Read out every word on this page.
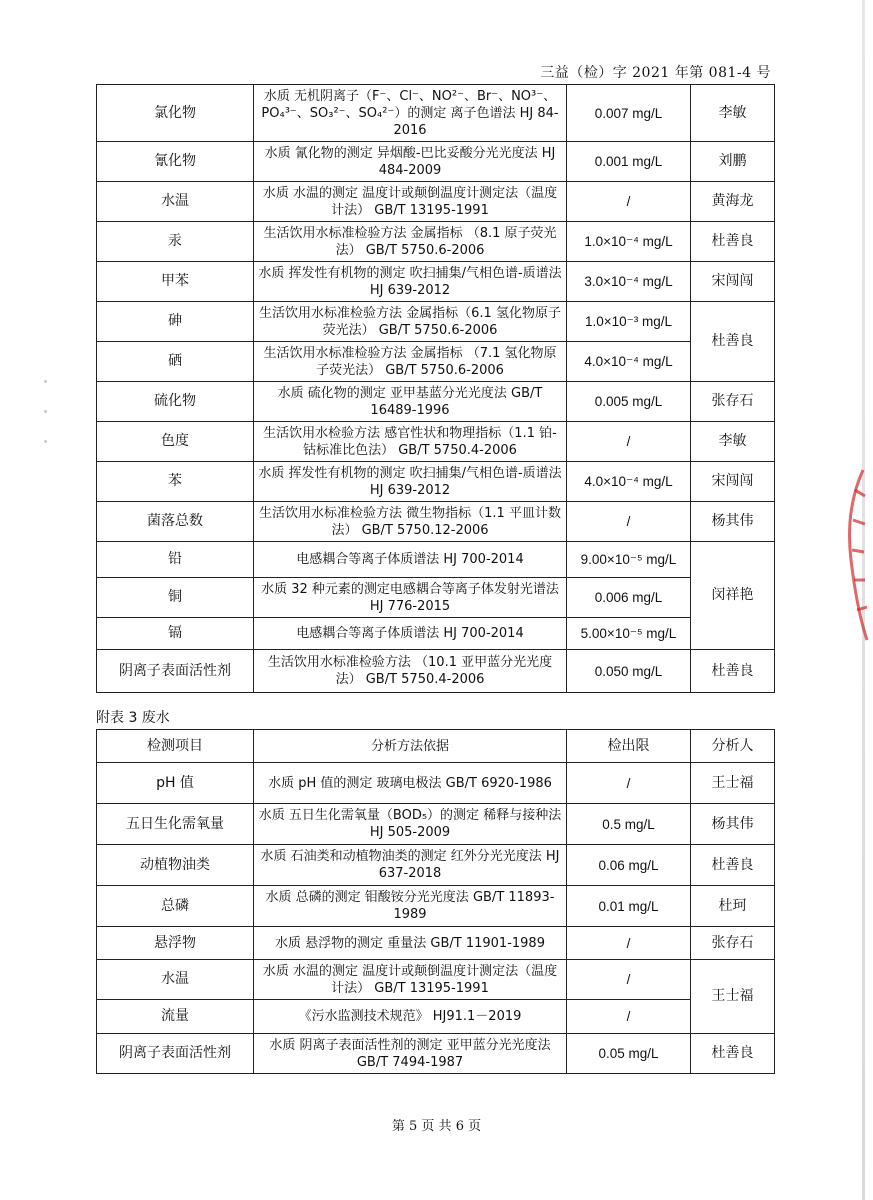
三益（检）字 2021 年第 081-4 号
氯化物	水质 无机阴离子（F⁻、Cl⁻、NO²⁻、Br⁻、NO³⁻、PO₄³⁻、SO₃²⁻、SO₄²⁻）的测定 离子色谱法 HJ 84-2016	0.007 mg/L	李敏
氰化物	水质 氰化物的测定 异烟酸-巴比妥酸分光光度法 HJ 484-2009	0.001 mg/L	刘鹏
水温	水质 水温的测定 温度计或颠倒温度计测定法（温度计法） GB/T 13195-1991	/	黄海龙
汞	生活饮用水标准检验方法 金属指标 （8.1 原子荧光法） GB/T 5750.6-2006	1.0×10⁻⁴ mg/L	杜善良
甲苯	水质 挥发性有机物的测定 吹扫捕集/气相色谱-质谱法 HJ 639-2012	3.0×10⁻⁴ mg/L	宋闯闯
砷	生活饮用水标准检验方法 金属指标（6.1 氢化物原子荧光法） GB/T 5750.6-2006	1.0×10⁻³ mg/L	杜善良
硒	生活饮用水标准检验方法 金属指标 （7.1 氢化物原子荧光法） GB/T 5750.6-2006	4.0×10⁻⁴ mg/L	
硫化物	水质 硫化物的测定 亚甲基蓝分光光度法 GB/T 16489-1996	0.005 mg/L	张存石
色度	生活饮用水检验方法 感官性状和物理指标（1.1 铂-钴标准比色法） GB/T 5750.4-2006	/	李敏
苯	水质 挥发性有机物的测定 吹扫捕集/气相色谱-质谱法 HJ 639-2012	4.0×10⁻⁴ mg/L	宋闯闯
菌落总数	生活饮用水标准检验方法 微生物指标（1.1 平皿计数法） GB/T 5750.12-2006	/	杨其伟
铅	电感耦合等离子体质谱法 HJ 700-2014	9.00×10⁻⁵ mg/L	闵祥艳
铜	水质 32 种元素的测定电感耦合等离子体发射光谱法 HJ 776-2015	0.006 mg/L	
镉	电感耦合等离子体质谱法 HJ 700-2014	5.00×10⁻⁵ mg/L	
阴离子表面活性剂	生活饮用水标准检验方法 （10.1 亚甲蓝分光光度法） GB/T 5750.4-2006	0.050 mg/L	杜善良
附表 3 废水
检测项目	分析方法依据	检出限	分析人
pH 值	水质 pH 值的测定 玻璃电极法 GB/T 6920-1986	/	王士福
五日生化需氧量	水质 五日生化需氧量（BOD₅）的测定 稀释与接种法 HJ 505-2009	0.5 mg/L	杨其伟
动植物油类	水质 石油类和动植物油类的测定 红外分光光度法 HJ 637-2018	0.06 mg/L	杜善良
总磷	水质 总磷的测定 钼酸铵分光光度法 GB/T 11893-1989	0.01 mg/L	杜珂
悬浮物	水质 悬浮物的测定 重量法 GB/T 11901-1989	/	张存石
水温	水质 水温的测定 温度计或颠倒温度计测定法（温度计法） GB/T 13195-1991	/	王士福
流量	《污水监测技术规范》 HJ91.1－2019	/	
阴离子表面活性剂	水质 阴离子表面活性剂的测定 亚甲蓝分光光度法 GB/T 7494-1987	0.05 mg/L	杜善良
第 5 页 共 6 页
